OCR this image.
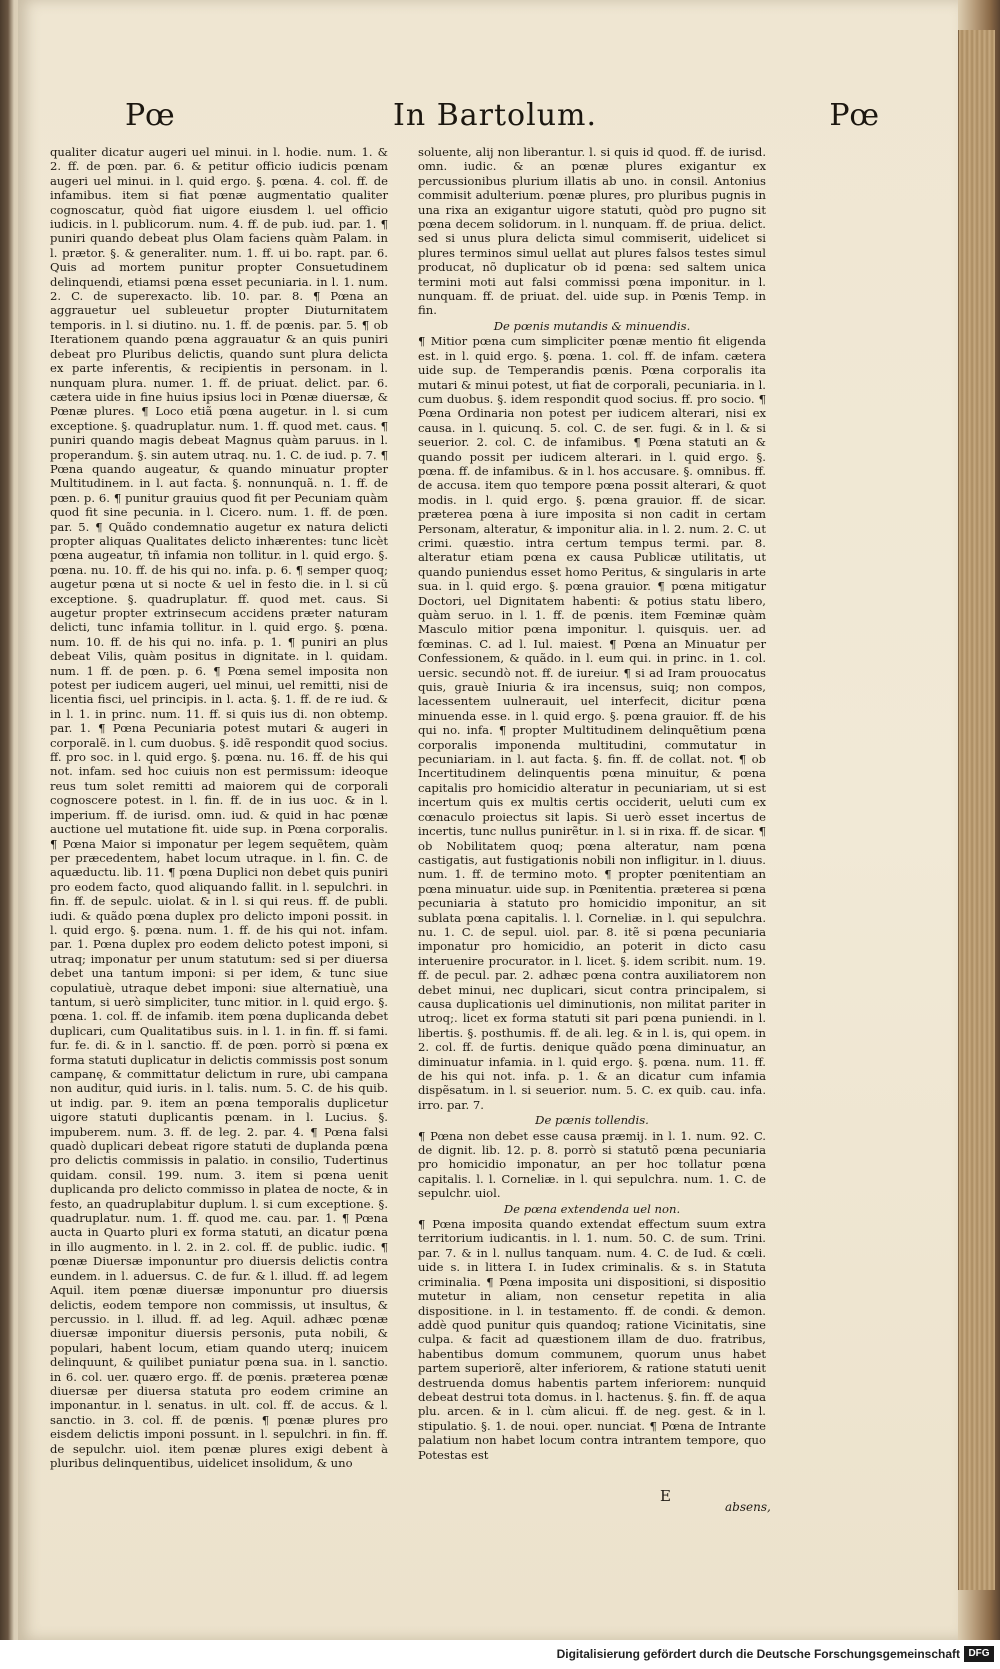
Pœ	In Bartolum.	Pœ

qualiter dicatur augeri uel minui. in l. hodie. num. 1. & 2. ff. de pœn. par. 6. & petitur officio iudicis pœnam augeri uel minui. in l. quid ergo. §. pœna. 4. col. ff. de infamibus. item si fiat pœnæ augmentatio qualiter cognoscatur, quòd fiat uigore eiusdem l. uel officio iudicis. in l. publicorum. num. 4. ff. de pub. iud. par. 1. ¶ puniri quando debeat plus Olam faciens quàm Palam. in l. prætor. §. & generaliter. num. 1. ff. ui bo. rapt. par. 6. Quis ad mortem punitur propter Consuetudinem delinquendi, etiamsi pœna esset pecuniaria. in l. 1. num. 2. C. de superexacto. lib. 10. par. 8. ¶ Pœna an aggrauetur uel subleuetur propter Diuturnitatem temporis. in l. si diutino. nu. 1. ff. de pœnis. par. 5. ¶ ob Iterationem quando pœna aggrauatur & an quis puniri debeat pro Pluribus delictis, quando sunt plura delicta ex parte inferentis, & recipientis in personam. in l. nunquam plura. numer. 1. ff. de priuat. delict. par. 6. cætera uide in fine huius ipsius loci in Pœnæ diuersæ, & Pœnæ plures. ¶ Loco etiã pœna augetur. in l. si cum exceptione. §. quadruplatur. num. 1. ff. quod met. caus. ¶ puniri quando magis debeat Magnus quàm paruus. in l. properandum. §. sin autem utraq. nu. 1. C. de iud. p. 7. ¶ Pœna quando augeatur, & quando minuatur propter Multitudinem. in l. aut facta. §. nonnunquã. n. 1. ff. de pœn. p. 6. ¶ punitur grauius quod fit per Pecuniam quàm quod fit sine pecunia. in l. Cicero. num. 1. ff. de pœn. par. 5. ¶ Quãdo condemnatio augetur ex natura delicti propter aliquas Qualitates delicto inhærentes: tunc licèt pœna augeatur, tñ infamia non tollitur. in l. quid ergo. §. pœna. nu. 10. ff. de his qui no. infa. p. 6. ¶ semper quoq; augetur pœna ut si nocte & uel in festo die. in l. si cũ exceptione. §. quadruplatur. ff. quod met. caus. Si augetur propter extrinsecum accidens præter naturam delicti, tunc infamia tollitur. in l. quid ergo. §. pœna. num. 10. ff. de his qui no. infa. p. 1. ¶ puniri an plus debeat Vilis, quàm positus in dignitate. in l. quidam. num. 1 ff. de pœn. p. 6. ¶ Pœna semel imposita non potest per iudicem augeri, uel minui, uel remitti, nisi de licentia fisci, uel principis. in l. acta. §. 1. ff. de re iud. & in l. 1. in princ. num. 11. ff. si quis ius di. non obtemp. par. 1. ¶ Pœna Pecuniaria potest mutari & augeri in corporalẽ. in l. cum duobus. §. idẽ respondit quod socius. ff. pro soc. in l. quid ergo. §. pœna. nu. 16. ff. de his qui not. infam. sed hoc cuiuis non est permissum: ideoque reus tum solet remitti ad maiorem qui de corporali cognoscere potest. in l. fin. ff. de in ius uoc. & in l. imperium. ff. de iurisd. omn. iud. & quid in hac pœnæ auctione uel mutatione fit. uide sup. in Pœna corporalis. ¶ Pœna Maior si imponatur per legem sequẽtem, quàm per præcedentem, habet locum utraque. in l. fin. C. de aquæductu. lib. 11. ¶ pœna Duplici non debet quis puniri pro eodem facto, quod aliquando fallit. in l. sepulchri. in fin. ff. de sepulc. uiolat. & in l. si qui reus. ff. de publi. iudi. & quãdo pœna duplex pro delicto imponi possit. in l. quid ergo. §. pœna. num. 1. ff. de his qui not. infam. par. 1. Pœna duplex pro eodem delicto potest imponi, si utraq; imponatur per unum statutum: sed si per diuersa debet una tantum imponi: si per idem, & tunc siue copulatiuè, utraque debet imponi: siue alternatiuè, una tantum, si uerò simpliciter, tunc mitior. in l. quid ergo. §. pœna. 1. col. ff. de infamib. item pœna duplicanda debet duplicari, cum Qualitatibus suis. in l. 1. in fin. ff. si fami. fur. fe. di. & in l. sanctio. ff. de pœn. porrò si pœna ex forma statuti duplicatur in delictis commissis post sonum campanę, & committatur delictum in rure, ubi campana non auditur, quid iuris. in l. talis. num. 5. C. de his quib. ut indig. par. 9. item an pœna temporalis duplicetur uigore statuti duplicantis pœnam. in l. Lucius. §. impuberem. num. 3. ff. de leg. 2. par. 4. ¶ Pœna falsi quadò duplicari debeat rigore statuti de duplanda pœna pro delictis commissis in palatio. in consilio, Tudertinus quidam. consil. 199. num. 3. item si pœna uenit duplicanda pro delicto commisso in platea de nocte, & in festo, an quadruplabitur duplum. l. si cum exceptione. §. quadruplatur. num. 1. ff. quod me. cau. par. 1. ¶ Pœna aucta in Quarto pluri ex forma statuti, an dicatur pœna in illo augmento. in l. 2. in 2. col. ff. de public. iudic. ¶ pœnæ Diuersæ imponuntur pro diuersis delictis contra eundem. in l. aduersus. C. de fur. & l. illud. ff. ad legem Aquil. item pœnæ diuersæ imponuntur pro diuersis delictis, eodem tempore non commissis, ut insultus, & percussio. in l. illud. ff. ad leg. Aquil. adhæc pœnæ diuersæ imponitur diuersis personis, puta nobili, & populari, habent locum, etiam quando uterq; inuicem delinquunt, & quilibet puniatur pœna sua. in l. sanctio. in 6. col. uer. quæro ergo. ff. de pœnis. præterea pœnæ diuersæ per diuersa statuta pro eodem crimine an imponantur. in l. senatus. in ult. col. ff. de accus. & l. sanctio. in 3. col. ff. de pœnis. ¶ pœnæ plures pro eisdem delictis imponi possunt. in l. sepulchri. in fin. ff. de sepulchr. uiol. item pœnæ plures exigi debent à pluribus delinquentibus, uidelicet insolidum, & uno

soluente, alij non liberantur. l. si quis id quod. ff. de iurisd. omn. iudic. & an pœnæ plures exigantur ex percussionibus plurium illatis ab uno. in consil. Antonius commisit adulterium. pœnæ plures, pro pluribus pugnis in una rixa an exigantur uigore statuti, quòd pro pugno sit pœna decem solidorum. in l. nunquam. ff. de priua. delict. sed si unus plura delicta simul commiserit, uidelicet si plures terminos simul uellat aut plures falsos testes simul producat, nõ duplicatur ob id pœna: sed saltem unica termini moti aut falsi commissi pœna imponitur. in l. nunquam. ff. de priuat. del. uide sup. in Pœnis Temp. in fin.

De pœnis mutandis & minuendis.

¶ Mitior pœna cum simpliciter pœnæ mentio fit eligenda est. in l. quid ergo. §. pœna. 1. col. ff. de infam. cætera uide sup. de Temperandis pœnis. Pœna corporalis ita mutari & minui potest, ut fiat de corporali, pecuniaria. in l. cum duobus. §. idem respondit quod socius. ff. pro socio. ¶ Pœna Ordinaria non potest per iudicem alterari, nisi ex causa. in l. quicunq. 5. col. C. de ser. fugi. & in l. & si seuerior. 2. col. C. de infamibus. ¶ Pœna statuti an & quando possit per iudicem alterari. in l. quid ergo. §. pœna. ff. de infamibus. & in l. hos accusare. §. omnibus. ff. de accusa. item quo tempore pœna possit alterari, & quot modis. in l. quid ergo. §. pœna grauior. ff. de sicar. præterea pœna à iure imposita si non cadit in certam Personam, alteratur, & imponitur alia. in l. 2. num. 2. C. ut crimi. quæstio. intra certum tempus termi. par. 8. alteratur etiam pœna ex causa Publicæ utilitatis, ut quando puniendus esset homo Peritus, & singularis in arte sua. in l. quid ergo. §. pœna grauior. ¶ pœna mitigatur Doctori, uel Dignitatem habenti: & potius statu libero, quàm seruo. in l. 1. ff. de pœnis. item Fœminæ quàm Masculo mitior pœna imponitur. l. quisquis. uer. ad fœminas. C. ad l. Iul. maiest. ¶ Pœna an Minuatur per Confessionem, & quãdo. in l. eum qui. in princ. in 1. col. uersic. secundò not. ff. de iureiur. ¶ si ad Iram prouocatus quis, grauè Iniuria & ira incensus, suiq; non compos, lacessentem uulnerauit, uel interfecit, dicitur pœna minuenda esse. in l. quid ergo. §. pœna grauior. ff. de his qui no. infa. ¶ propter Multitudinem delinquẽtium pœna corporalis imponenda multitudini, commutatur in pecuniariam. in l. aut facta. §. fin. ff. de collat. not. ¶ ob Incertitudinem delinquentis pœna minuitur, & pœna capitalis pro homicidio alteratur in pecuniariam, ut si est incertum quis ex multis certis occiderit, ueluti cum ex cœnaculo proiectus sit lapis. Si uerò esset incertus de incertis, tunc nullus punirẽtur. in l. si in rixa. ff. de sicar. ¶ ob Nobilitatem quoq; pœna alteratur, nam pœna castigatis, aut fustigationis nobili non infligitur. in l. diuus. num. 1. ff. de termino moto. ¶ propter pœnitentiam an pœna minuatur. uide sup. in Pœnitentia. præterea si pœna pecuniaria à statuto pro homicidio imponitur, an sit sublata pœna capitalis. l. l. Corneliæ. in l. qui sepulchra. nu. 1. C. de sepul. uiol. par. 8. itẽ si pœna pecuniaria imponatur pro homicidio, an poterit in dicto casu interuenire procurator. in l. licet. §. idem scribit. num. 19. ff. de pecul. par. 2. adhæc pœna contra auxiliatorem non debet minui, nec duplicari, sicut contra principalem, si causa duplicationis uel diminutionis, non militat pariter in utroq;. licet ex forma statuti sit pari pœna puniendi. in l. libertis. §. posthumis. ff. de ali. leg. & in l. is, qui opem. in 2. col. ff. de furtis. denique quãdo pœna diminuatur, an diminuatur infamia. in l. quid ergo. §. pœna. num. 11. ff. de his qui not. infa. p. 1. & an dicatur cum infamia dispẽsatum. in l. si seuerior. num. 5. C. ex quib. cau. infa. irro. par. 7.

De pœnis tollendis.

¶ Pœna non debet esse causa præmij. in l. 1. num. 92. C. de dignit. lib. 12. p. 8. porrò si statutõ pœna pecuniaria pro homicidio imponatur, an per hoc tollatur pœna capitalis. l. l. Corneliæ. in l. qui sepulchra. num. 1. C. de sepulchr. uiol.

De pœna extendenda uel non.

¶ Pœna imposita quando extendat effectum suum extra territorium iudicantis. in l. 1. num. 50. C. de sum. Trini. par. 7. & in l. nullus tanquam. num. 4. C. de Iud. & cœli. uide s. in littera I. in Iudex criminalis. & s. in Statuta criminalia. ¶ Pœna imposita uni dispositioni, si dispositio mutetur in aliam, non censetur repetita in alia dispositione. in l. in testamento. ff. de condi. & demon. addè quod punitur quis quandoq; ratione Vicinitatis, sine culpa. & facit ad quæstionem illam de duo. fratribus, habentibus domum communem, quorum unus habet partem superiorẽ, alter inferiorem, & ratione statuti uenit destruenda domus habentis partem inferiorem: nunquid debeat destrui tota domus. in l. hactenus. §. fin. ff. de aqua plu. arcen. & in l. cùm alicui. ff. de neg. gest. & in l. stipulatio. §. 1. de noui. oper. nunciat. ¶ Pœna de Intrante palatium non habet locum contra intrantem tempore, quo Potestas est

E
absens,
Digitalisierung gefördert durch die Deutsche Forschungsgemeinschaft DFG
